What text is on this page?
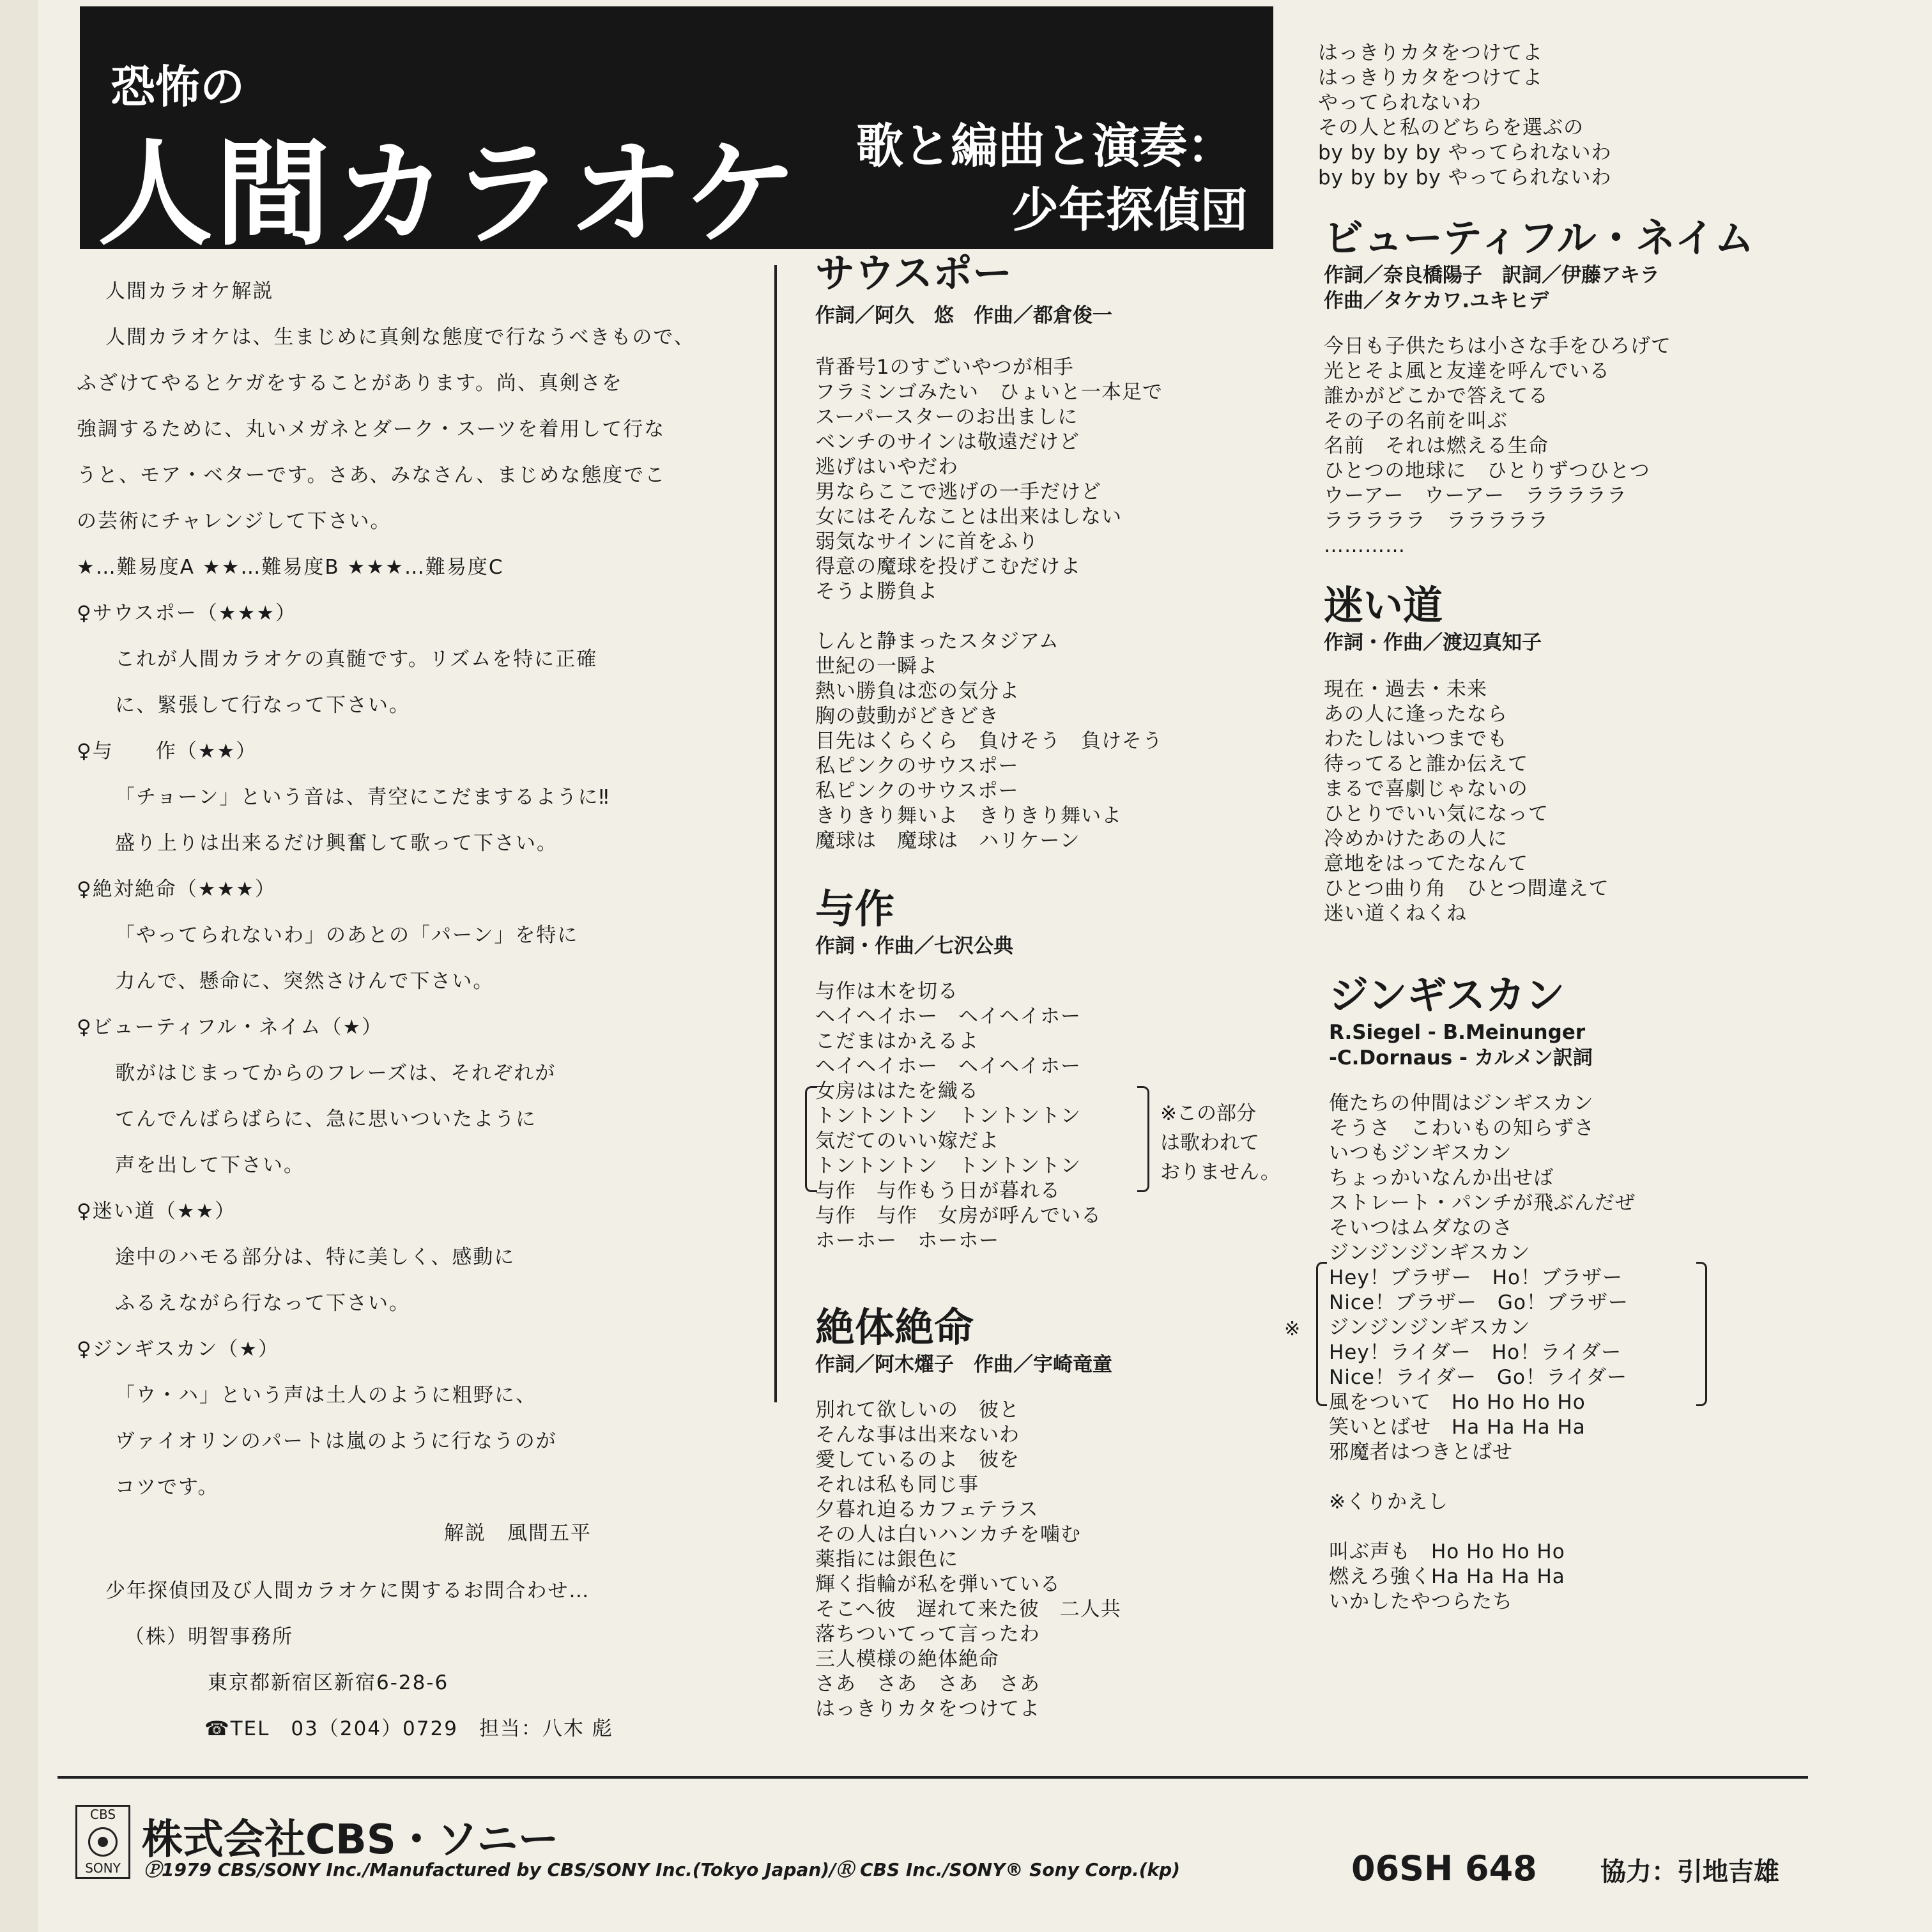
恐怖の
人間カラオケ 歌と編曲と演奏：
少年探偵団
人間カラオケ解説
人間カラオケは、生まじめに真剣な態度で行なうべきもので、
ふざけてやるとケガをすることがあります。尚、真剣さを
強調するために、丸いメガネとダーク・スーツを着用して行な
うと、モア・ベターです。さあ、みなさん、まじめな態度でこ
の芸術にチャレンジして下さい。
★…難易度A ★★…難易度B ★★★…難易度C
♀サウスポー（★★★）
これが人間カラオケの真髄です。リズムを特に正確
に、緊張して行なって下さい。
♀与　　作（★★）
「チョーン」という音は、青空にこだまするように‼
盛り上りは出来るだけ興奮して歌って下さい。
♀絶対絶命（★★★）
「やってられないわ」のあとの「パーン」を特に
力んで、懸命に、突然さけんで下さい。
♀ビューティフル・ネイム（★）
歌がはじまってからのフレーズは、それぞれが
てんでんばらばらに、急に思いついたように
声を出して下さい。
♀迷い道（★★）
途中のハモる部分は、特に美しく、感動に
ふるえながら行なって下さい。
♀ジンギスカン（★）
「ウ・ハ」という声は土人のように粗野に、
ヴァイオリンのパートは嵐のように行なうのが
コツです。
解説　風間五平
少年探偵団及び人間カラオケに関するお問合わせ…
（株）明智事務所
東京都新宿区新宿6-28-6
☎TEL　03（204）0729　担当：八木 彪
サウスポー
作詞／阿久　悠　作曲／都倉俊一
背番号1のすごいやつが相手
フラミンゴみたい　ひょいと一本足で
スーパースターのお出ましに
ベンチのサインは敬遠だけど
逃げはいやだわ
男ならここで逃げの一手だけど
女にはそんなことは出来はしない
弱気なサインに首をふり
得意の魔球を投げこむだけよ
そうよ勝負よ
しんと静まったスタジアム
世紀の一瞬よ
熱い勝負は恋の気分よ
胸の鼓動がどきどき
目先はくらくら　負けそう　負けそう
私ピンクのサウスポー
私ピンクのサウスポー
きりきり舞いよ　きりきり舞いよ
魔球は　魔球は　ハリケーン
与作
作詞・作曲／七沢公典
与作は木を切る
ヘイヘイホー　ヘイヘイホー
こだまはかえるよ
ヘイヘイホー　ヘイヘイホー
女房ははたを織る
トントントン　トントントン
気だてのいい嫁だよ
トントントン　トントントン
与作　与作もう日が暮れる
与作　与作　女房が呼んでいる
ホーホー　ホーホー
※この部分
は歌われて
おりません。
絶体絶命
作詞／阿木燿子　作曲／宇崎竜童
別れて欲しいの　彼と
そんな事は出来ないわ
愛しているのよ　彼を
それは私も同じ事
夕暮れ迫るカフェテラス
その人は白いハンカチを噛む
薬指には銀色に
輝く指輪が私を弾いている
そこへ彼　遅れて来た彼　二人共
落ちついてって言ったわ
三人模様の絶体絶命
さあ　さあ　さあ　さあ
はっきりカタをつけてよ
はっきりカタをつけてよ
はっきりカタをつけてよ
やってられないわ
その人と私のどちらを選ぶの
by by by by やってられないわ
by by by by やってられないわ
ビューティフル・ネイム
作詞／奈良橋陽子　訳詞／伊藤アキラ
作曲／タケカワ.ユキヒデ
今日も子供たちは小さな手をひろげて
光とそよ風と友達を呼んでいる
誰かがどこかで答えてる
その子の名前を叫ぶ
名前　それは燃える生命
ひとつの地球に　ひとりずつひとつ
ウーアー　ウーアー　ラララララ
ラララララ　ラララララ
…………
迷い道
作詞・作曲／渡辺真知子
現在・過去・未来
あの人に逢ったなら
わたしはいつまでも
待ってると誰か伝えて
まるで喜劇じゃないの
ひとりでいい気になって
冷めかけたあの人に
意地をはってたなんて
ひとつ曲り角　ひとつ間違えて
迷い道くねくね
ジンギスカン
R.Siegel - B.Meinunger
-C.Dornaus - カルメン訳詞
俺たちの仲間はジンギスカン
そうさ　こわいもの知らずさ
いつもジンギスカン
ちょっかいなんか出せば
ストレート・パンチが飛ぶんだぜ
そいつはムダなのさ
ジンジンジンギスカン
Hey！ブラザー　Ho！ブラザー
Nice！ブラザー　Go！ブラザー
ジンジンジンギスカン
Hey！ライダー　Ho！ライダー
Nice！ライダー　Go！ライダー
風をついて　Ho Ho Ho Ho
笑いとばせ　Ha Ha Ha Ha
邪魔者はつきとばせ
※くりかえし
叫ぶ声も　Ho Ho Ho Ho
燃えろ強くHa Ha Ha Ha
いかしたやつらたち
※
CBS
SONY
株式会社CBS・ソニー
Ⓟ1979 CBS/SONY Inc./Manufactured by CBS/SONY Inc.(Tokyo Japan)/Ⓡ CBS Inc./SONY® Sony Corp.(kp)	06SH 648 協力：引地吉雄
